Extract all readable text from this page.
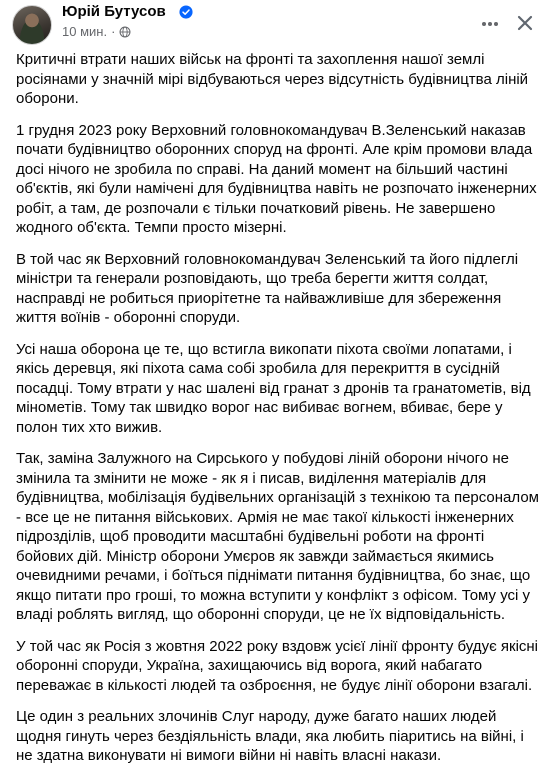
Юрій Бутусов
10 мин. ·

Критичні втрати наших військ на фронті та захоплення нашої землі росіянами у значній мірі відбуваються через відсутність будівництва ліній оборони.

1 грудня 2023 року Верховний головнокомандувач В.Зеленський наказав почати будівництво оборонних споруд на фронті. Але крім промови влада досі нічого не зробила по справі. На даний момент на більший частині об'єктів, які були намічені для будівництва навіть не розпочато інженерних робіт, а там, де розпочали є тільки початковий рівень. Не завершено жодного об'єкта. Темпи просто мізерні.

В той час як Верховний головнокомандувач Зеленський та його підлеглі міністри та генерали розповідають, що треба берегти життя солдат, насправді не робиться приорітетне та найважливіше для збереження життя воїнів - оборонні споруди.

Усі наша оборона це те, що встигла викопати піхота своїми лопатами, і якісь деревця, які піхота сама собі зробила для перекриття в сусідній посадці. Тому втрати у нас шалені від гранат з дронів та гранатометів, від мінометів. Тому так швидко ворог нас вибиває вогнем, вбиває, бере у полон тих хто вижив.

Так, заміна Залужного на Сирського у побудові ліній оборони нічого не змінила та змінити не може - як я і писав, виділення матеріалів для будівництва, мобілізація будівельних організацій з технікою та персоналом - все це не питання військових. Армія не має такої кількості інженерних підрозділів, щоб проводити масштабні будівельні роботи на фронті бойових дій. Міністр оборони Умєров як завжди займається якимись очевидними речами, і боїться піднімати питання будівництва, бо знає, що якщо питати про гроші, то можна вступити у конфлікт з офісом. Тому усі у владі роблять вигляд, що оборонні споруди, це не їх відповідальність.

У той час як Росія з жовтня 2022 року вздовж усієї лінії фронту будує якісні оборонні споруди, Україна, захищаючись від ворога, який набагато переважає в кількості людей та озброєння, не будує лінії оборони взагалі.

Це один з реальних злочинів Слуг народу, дуже багато наших людей щодня гинуть через бездіяльність влади, яка любить піаритись на війні, і не здатна виконувати ні вимоги війни ні навіть власні накази.
